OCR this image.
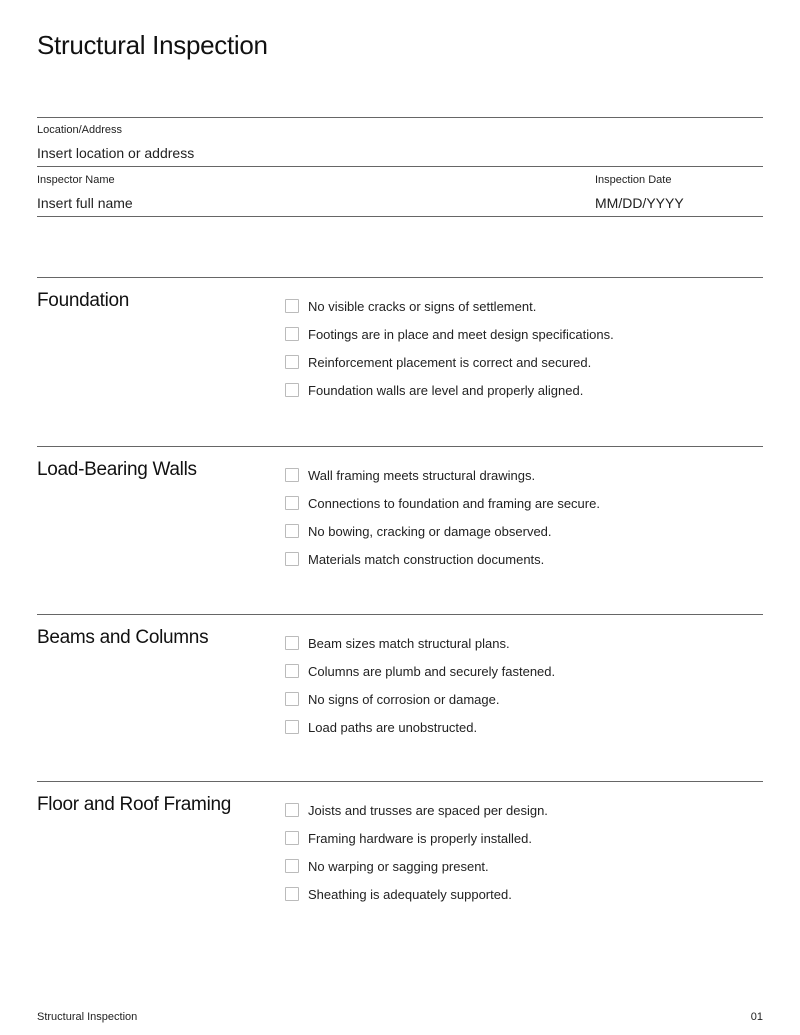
Structural Inspection
Location/Address
Insert location or address
Inspector Name
Insert full name
Inspection Date
MM/DD/YYYY
Foundation	No visible cracks or signs of settlement.
Footings are in place and meet design specifications.
Reinforcement placement is correct and secured.
Foundation walls are level and properly aligned.
Load-Bearing Walls	Wall framing meets structural drawings.
Connections to foundation and framing are secure.
No bowing, cracking or damage observed.
Materials match construction documents.
Beams and Columns	Beam sizes match structural plans.
Columns are plumb and securely fastened.
No signs of corrosion or damage.
Load paths are unobstructed.
Floor and Roof Framing	Joists and trusses are spaced per design.
Framing hardware is properly installed.
No warping or sagging present.
Sheathing is adequately supported.
Structural Inspection	01
